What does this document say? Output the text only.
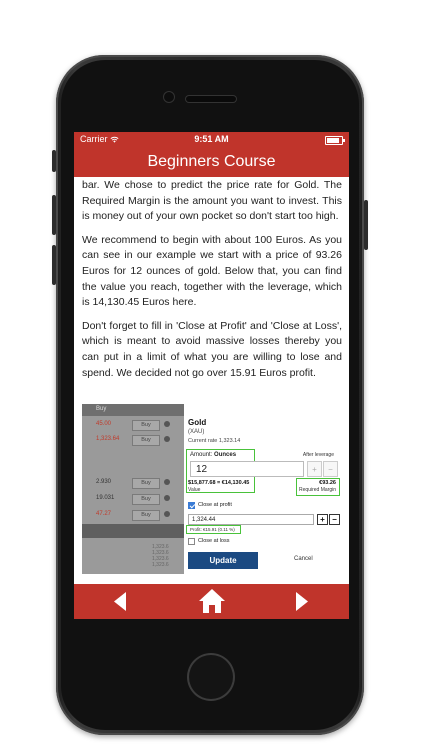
Carrier	9:51 AM
Beginners Course

bar. We chose to predict the price rate for Gold. The Required Margin is the amount you want to invest. This is money out of your own pocket so don't start too high.

We recommend to begin with about 100 Euros. As you can see in our example we start with a price of 93.26 Euros for 12 ounces of gold. Below that, you can find the value you reach, together with the leverage, which is 14,130.45 Euros here.

Don't forget to fill in 'Close at Profit' and 'Close at Loss', which is meant to avoid massive losses thereby you can put in a limit of what you are willing to lose and spend. We decided not go over 15.91 Euros profit.

Buy
45.00	Buy
1,323.64	Buy
2.930	Buy
19.031	Buy
47.27	Buy
1,323.6
1,323.6
1,323.6
1,323.6
Gold
(XAU)
Current rate 1,323.14
Amount: Ounces	After leverage
12	+	−
$15,877.68 = €14,130.45
Value
€93.26
Required Margin
Close at profit
1,324.44	+ −
Profit: €15.91 (0.11 %)
Close at loss
Update	Cancel
✕
